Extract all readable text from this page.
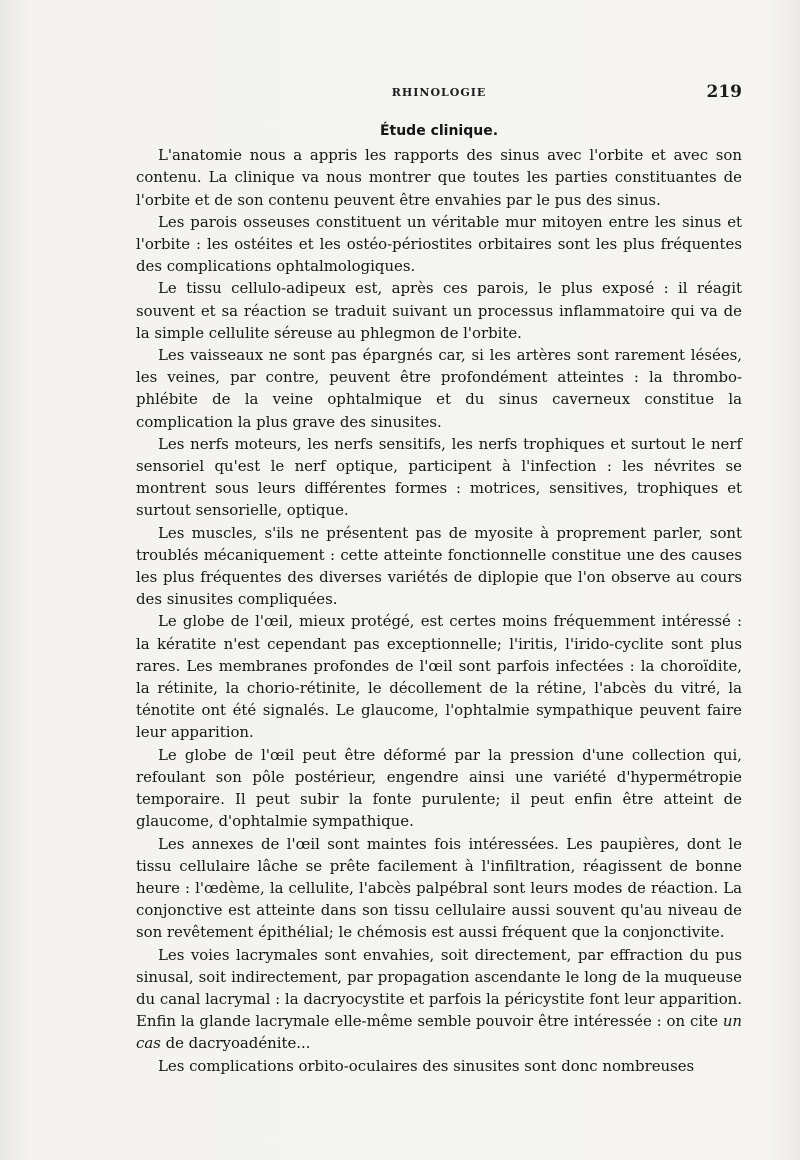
RHINOLOGIE	219
Étude clinique.

L'anatomie nous a appris les rapports des sinus avec l'orbite et avec son contenu. La clinique va nous montrer que toutes les parties constituantes de l'orbite et de son contenu peuvent être envahies par le pus des sinus.

Les parois osseuses constituent un véritable mur mitoyen entre les sinus et l'orbite : les ostéites et les ostéo-périostites orbitaires sont les plus fréquentes des complications ophtalmologiques.

Le tissu cellulo-adipeux est, après ces parois, le plus exposé : il réagit souvent et sa réaction se traduit suivant un processus inflammatoire qui va de la simple cellulite séreuse au phlegmon de l'orbite.

Les vaisseaux ne sont pas épargnés car, si les artères sont rarement lésées, les veines, par contre, peuvent être profondément atteintes : la thrombo-phlébite de la veine ophtalmique et du sinus caverneux constitue la complication la plus grave des sinusites.

Les nerfs moteurs, les nerfs sensitifs, les nerfs trophiques et surtout le nerf sensoriel qu'est le nerf optique, participent à l'infection : les névrites se montrent sous leurs différentes formes : motrices, sensitives, trophiques et surtout sensorielle, optique.

Les muscles, s'ils ne présentent pas de myosite à proprement parler, sont troublés mécaniquement : cette atteinte fonctionnelle constitue une des causes les plus fréquentes des diverses variétés de diplopie que l'on observe au cours des sinusites compliquées.

Le globe de l'œil, mieux protégé, est certes moins fréquemment intéressé : la kératite n'est cependant pas exceptionnelle; l'iritis, l'irido-cyclite sont plus rares. Les membranes profondes de l'œil sont parfois infectées : la choroïdite, la rétinite, la chorio-rétinite, le décollement de la rétine, l'abcès du vitré, la ténotite ont été signalés. Le glaucome, l'ophtalmie sympathique peuvent faire leur apparition.

Le globe de l'œil peut être déformé par la pression d'une collection qui, refoulant son pôle postérieur, engendre ainsi une variété d'hypermétropie temporaire. Il peut subir la fonte purulente; il peut enfin être atteint de glaucome, d'ophtalmie sympathique.

Les annexes de l'œil sont maintes fois intéressées. Les paupières, dont le tissu cellulaire lâche se prête facilement à l'infiltration, réagissent de bonne heure : l'œdème, la cellulite, l'abcès palpébral sont leurs modes de réaction. La conjonctive est atteinte dans son tissu cellulaire aussi souvent qu'au niveau de son revêtement épithélial; le chémosis est aussi fréquent que la conjonctivite.

Les voies lacrymales sont envahies, soit directement, par effraction du pus sinusal, soit indirectement, par propagation ascendante le long de la muqueuse du canal lacrymal : la dacryocystite et parfois la péricystite font leur apparition. Enfin la glande lacrymale elle-même semble pouvoir être intéressée : on cite un cas de dacryoadénite...

Les complications orbito-oculaires des sinusites sont donc nombreuses
